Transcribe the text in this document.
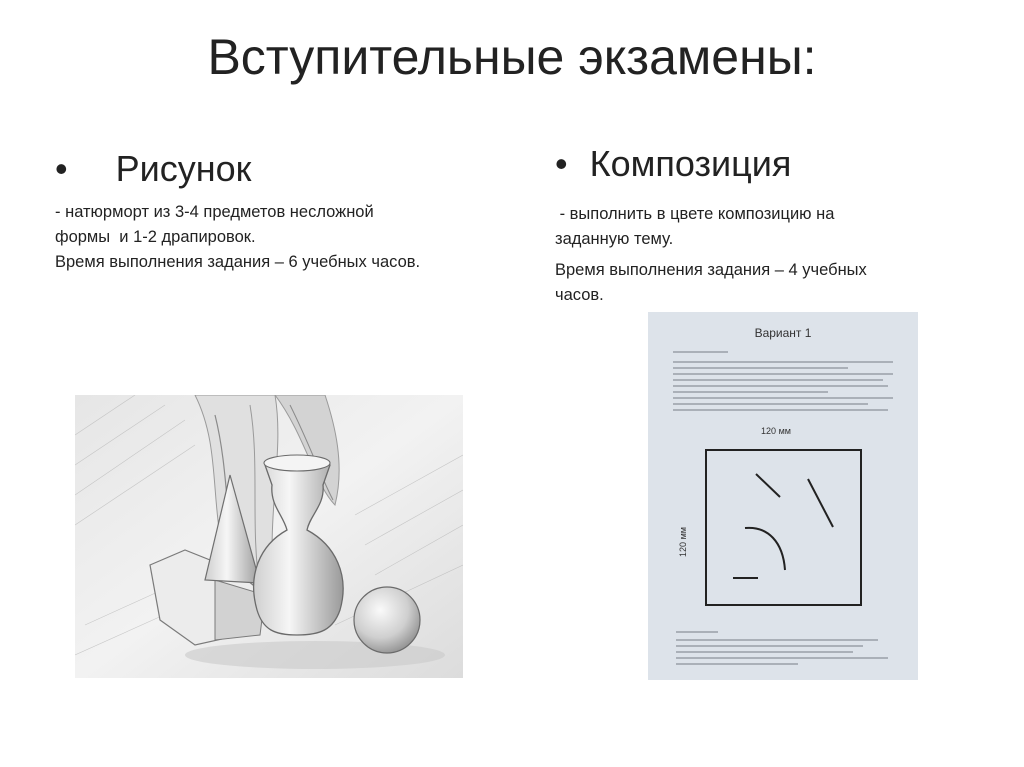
Вступительные экзамены:
• Рисунок
- натюрморт из 3-4 предметов несложной
формы  и 1-2 драпировок.
Время выполнения задания – 6 учебных часов.
• Композиция
- выполнить в цвете композицию на
заданную тему.
Время выполнения задания – 4 учебных
часов.
Вариант 1
120 мм
120 мм
